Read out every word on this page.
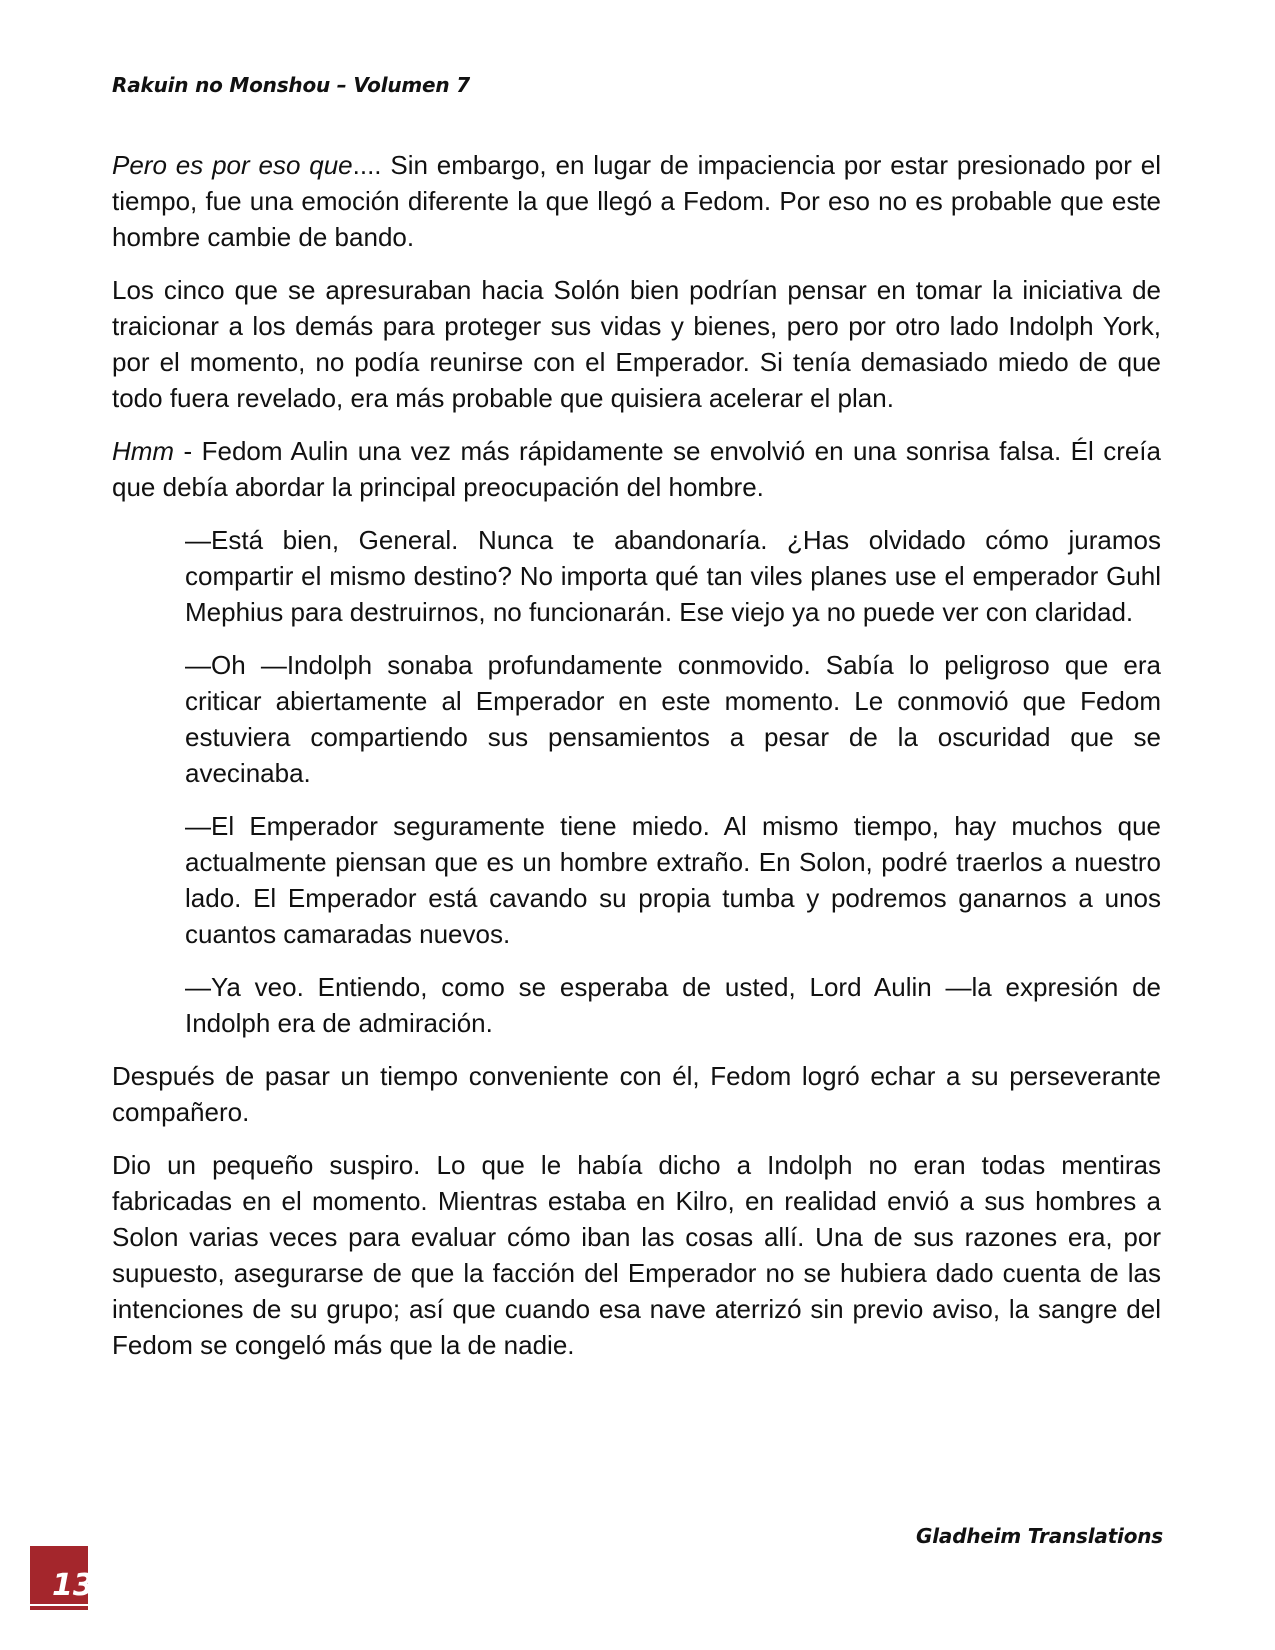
Rakuin no Monshou – Volumen 7

Pero es por eso que.... Sin embargo, en lugar de impaciencia por estar presionado por el tiempo, fue una emoción diferente la que llegó a Fedom. Por eso no es probable que este hombre cambie de bando.

Los cinco que se apresuraban hacia Solón bien podrían pensar en tomar la iniciativa de traicionar a los demás para proteger sus vidas y bienes, pero por otro lado Indolph York, por el momento, no podía reunirse con el Emperador. Si tenía demasiado miedo de que todo fuera revelado, era más probable que quisiera acelerar el plan.

Hmm - Fedom Aulin una vez más rápidamente se envolvió en una sonrisa falsa. Él creía que debía abordar la principal preocupación del hombre.

—Está bien, General. Nunca te abandonaría. ¿Has olvidado cómo juramos compartir el mismo destino? No importa qué tan viles planes use el emperador Guhl Mephius para destruirnos, no funcionarán. Ese viejo ya no puede ver con claridad.

—Oh —Indolph sonaba profundamente conmovido. Sabía lo peligroso que era criticar abiertamente al Emperador en este momento. Le conmovió que Fedom estuviera compartiendo sus pensamientos a pesar de la oscuridad que se avecinaba.

—El Emperador seguramente tiene miedo. Al mismo tiempo, hay muchos que actualmente piensan que es un hombre extraño. En Solon, podré traerlos a nuestro lado. El Emperador está cavando su propia tumba y podremos ganarnos a unos cuantos camaradas nuevos.

—Ya veo. Entiendo, como se esperaba de usted, Lord Aulin —la expresión de Indolph era de admiración.

Después de pasar un tiempo conveniente con él, Fedom logró echar a su perseverante compañero.

Dio un pequeño suspiro. Lo que le había dicho a Indolph no eran todas mentiras fabricadas en el momento. Mientras estaba en Kilro, en realidad envió a sus hombres a Solon varias veces para evaluar cómo iban las cosas allí. Una de sus razones era, por supuesto, asegurarse de que la facción del Emperador no se hubiera dado cuenta de las intenciones de su grupo; así que cuando esa nave aterrizó sin previo aviso, la sangre del Fedom se congeló más que la de nadie.

Gladheim Translations
13
